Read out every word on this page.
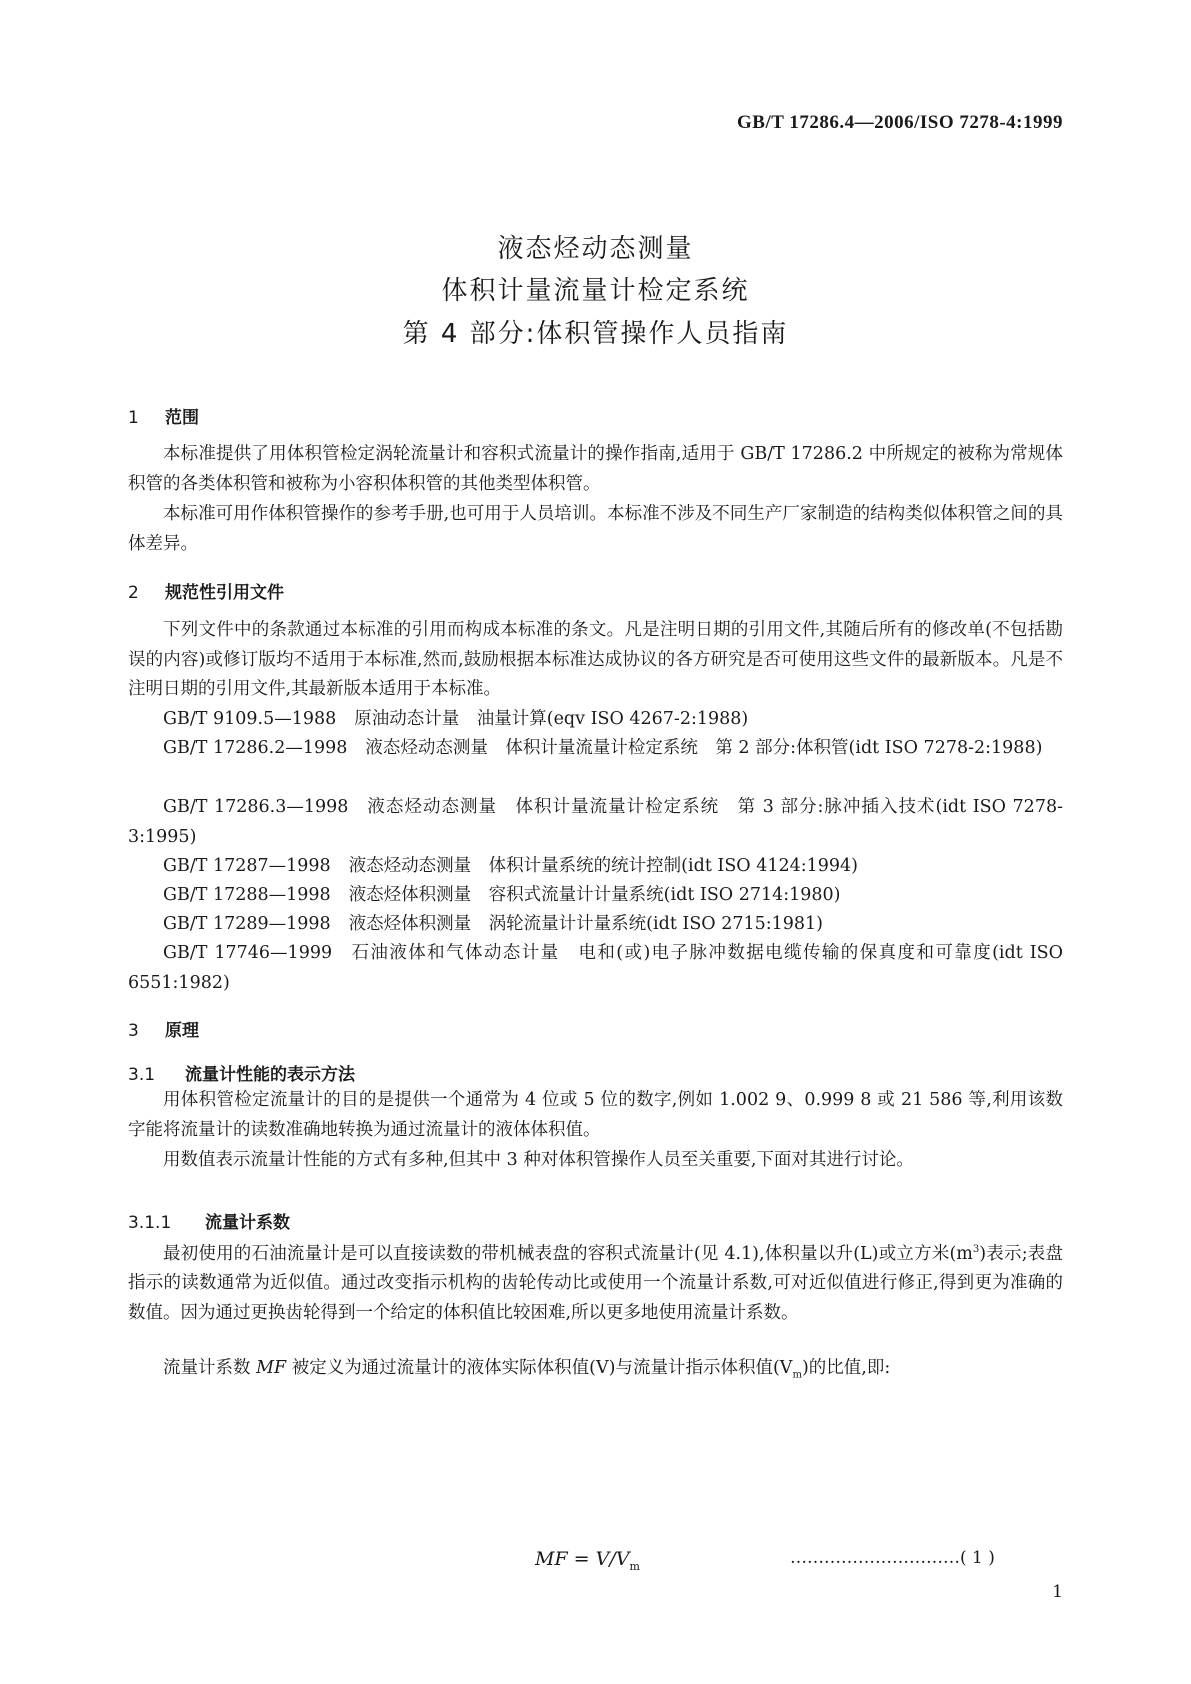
GB/T 17286.4—2006/ISO 7278-4:1999
液态烃动态测量
体积计量流量计检定系统
第 4 部分:体积管操作人员指南
1 范围
本标准提供了用体积管检定涡轮流量计和容积式流量计的操作指南,适用于 GB/T 17286.2 中所规定的被称为常规体积管的各类体积管和被称为小容积体积管的其他类型体积管。
本标准可用作体积管操作的参考手册,也可用于人员培训。本标准不涉及不同生产厂家制造的结构类似体积管之间的具体差异。
2 规范性引用文件
下列文件中的条款通过本标准的引用而构成本标准的条文。凡是注明日期的引用文件,其随后所有的修改单(不包括勘误的内容)或修订版均不适用于本标准,然而,鼓励根据本标准达成协议的各方研究是否可使用这些文件的最新版本。凡是不注明日期的引用文件,其最新版本适用于本标准。
GB/T 9109.5—1988 原油动态计量　油量计算(eqv ISO 4267-2:1988)
GB/T 17286.2—1998 液态烃动态测量　体积计量流量计检定系统　第 2 部分:体积管(idt ISO 7278-2:1988)
GB/T 17286.3—1998 液态烃动态测量　体积计量流量计检定系统　第 3 部分:脉冲插入技术(idt ISO 7278-3:1995)
GB/T 17287—1998 液态烃动态测量　体积计量系统的统计控制(idt ISO 4124:1994)
GB/T 17288—1998 液态烃体积测量　容积式流量计计量系统(idt ISO 2714:1980)
GB/T 17289—1998 液态烃体积测量　涡轮流量计计量系统(idt ISO 2715:1981)
GB/T 17746—1999 石油液体和气体动态计量　电和(或)电子脉冲数据电缆传输的保真度和可靠度(idt ISO 6551:1982)
3 原理
3.1 流量计性能的表示方法
用体积管检定流量计的目的是提供一个通常为 4 位或 5 位的数字,例如 1.002 9、0.999 8 或 21 586 等,利用该数字能将流量计的读数准确地转换为通过流量计的液体体积值。
用数值表示流量计性能的方式有多种,但其中 3 种对体积管操作人员至关重要,下面对其进行讨论。
3.1.1 流量计系数
最初使用的石油流量计是可以直接读数的带机械表盘的容积式流量计(见 4.1),体积量以升(L)或立方米$(m^3)$表示;表盘指示的读数通常为近似值。通过改变指示机构的齿轮传动比或使用一个流量计系数,可对近似值进行修正,得到更为准确的数值。因为通过更换齿轮得到一个给定的体积值比较困难,所以更多地使用流量计系数。
流量计系数 MF 被定义为通过流量计的液体实际体积值(V)与流量计指示体积值$(V_m)$的比值,即:
MF = $V/V_m$	…………………………( 1 )
1
